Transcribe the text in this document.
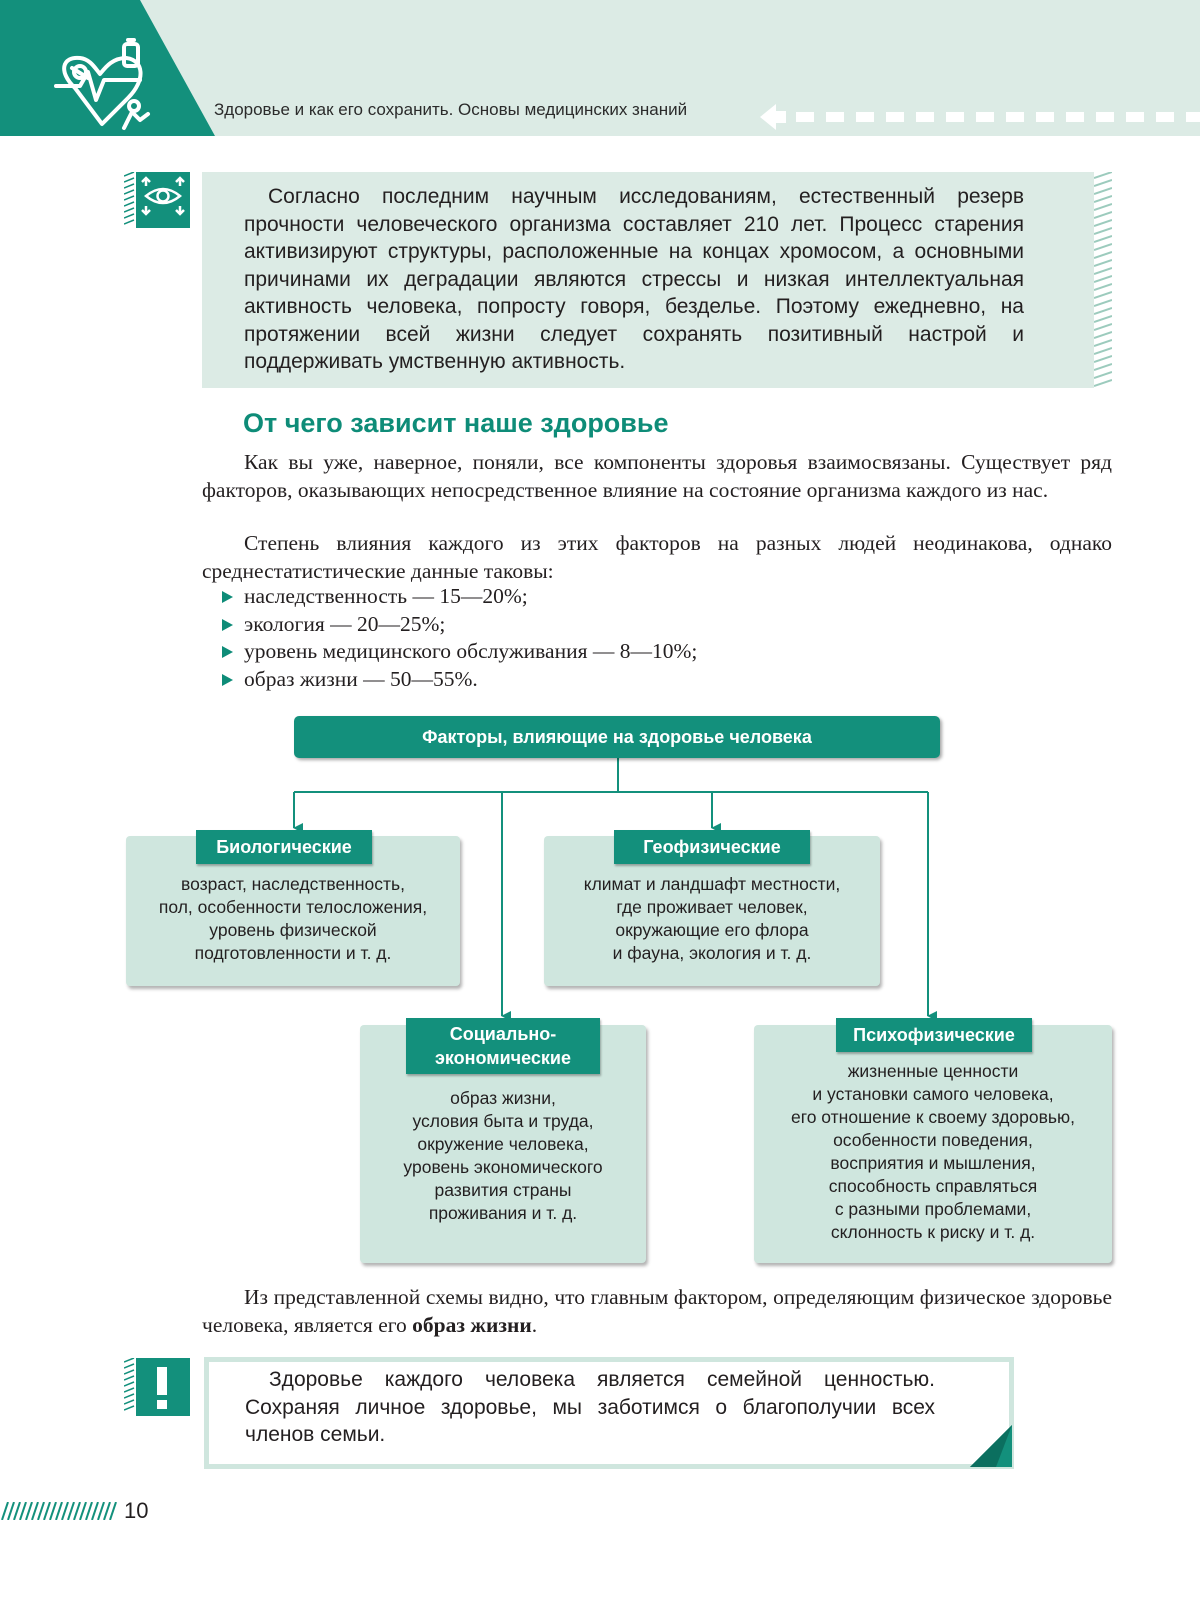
Здоровье и как его сохранить. Основы медицинских знаний
Согласно последним научным исследованиям, естественный резерв прочности человеческого организма составляет 210 лет. Процесс старения активизируют структуры, расположенные на концах хромосом, а основными причинами их деградации являются стрессы и низкая интеллектуальная активность человека, попросту говоря, безделье. Поэтому ежедневно, на протяжении всей жизни следует сохранять позитивный настрой и поддерживать умственную активность.
От чего зависит наше здоровье
Как вы уже, наверное, поняли, все компоненты здоровья взаимосвязаны. Существует ряд факторов, оказывающих непосредственное влияние на состояние организма каждого из нас.
Степень влияния каждого из этих факторов на разных людей неодинакова, однако среднестатистические данные таковы:
наследственность — 15—20%;
экология — 20—25%;
уровень медицинского обслуживания — 8—10%;
образ жизни — 50—55%.
Факторы, влияющие на здоровье человека
Биологические
возраст, наследственность,
пол, особенности телосложения,
уровень физической
подготовленности и т. д.
Геофизические
климат и ландшафт местности,
где проживает человек,
окружающие его флора
и фауна, экология и т. д.
Социально-
экономические
образ жизни,
условия быта и труда,
окружение человека,
уровень экономического
развития страны
проживания и т. д.
Психофизические
жизненные ценности
и установки самого человека,
его отношение к своему здоровью,
особенности поведения,
восприятия и мышления,
способность справляться
с разными проблемами,
склонность к риску и т. д.
Из представленной схемы видно, что главным фактором, определяющим физическое здоровье человека, является его образ жизни.
Здоровье каждого человека является семейной ценностью. Сохраняя личное здоровье, мы заботимся о благополучии всех членов семьи.
10
